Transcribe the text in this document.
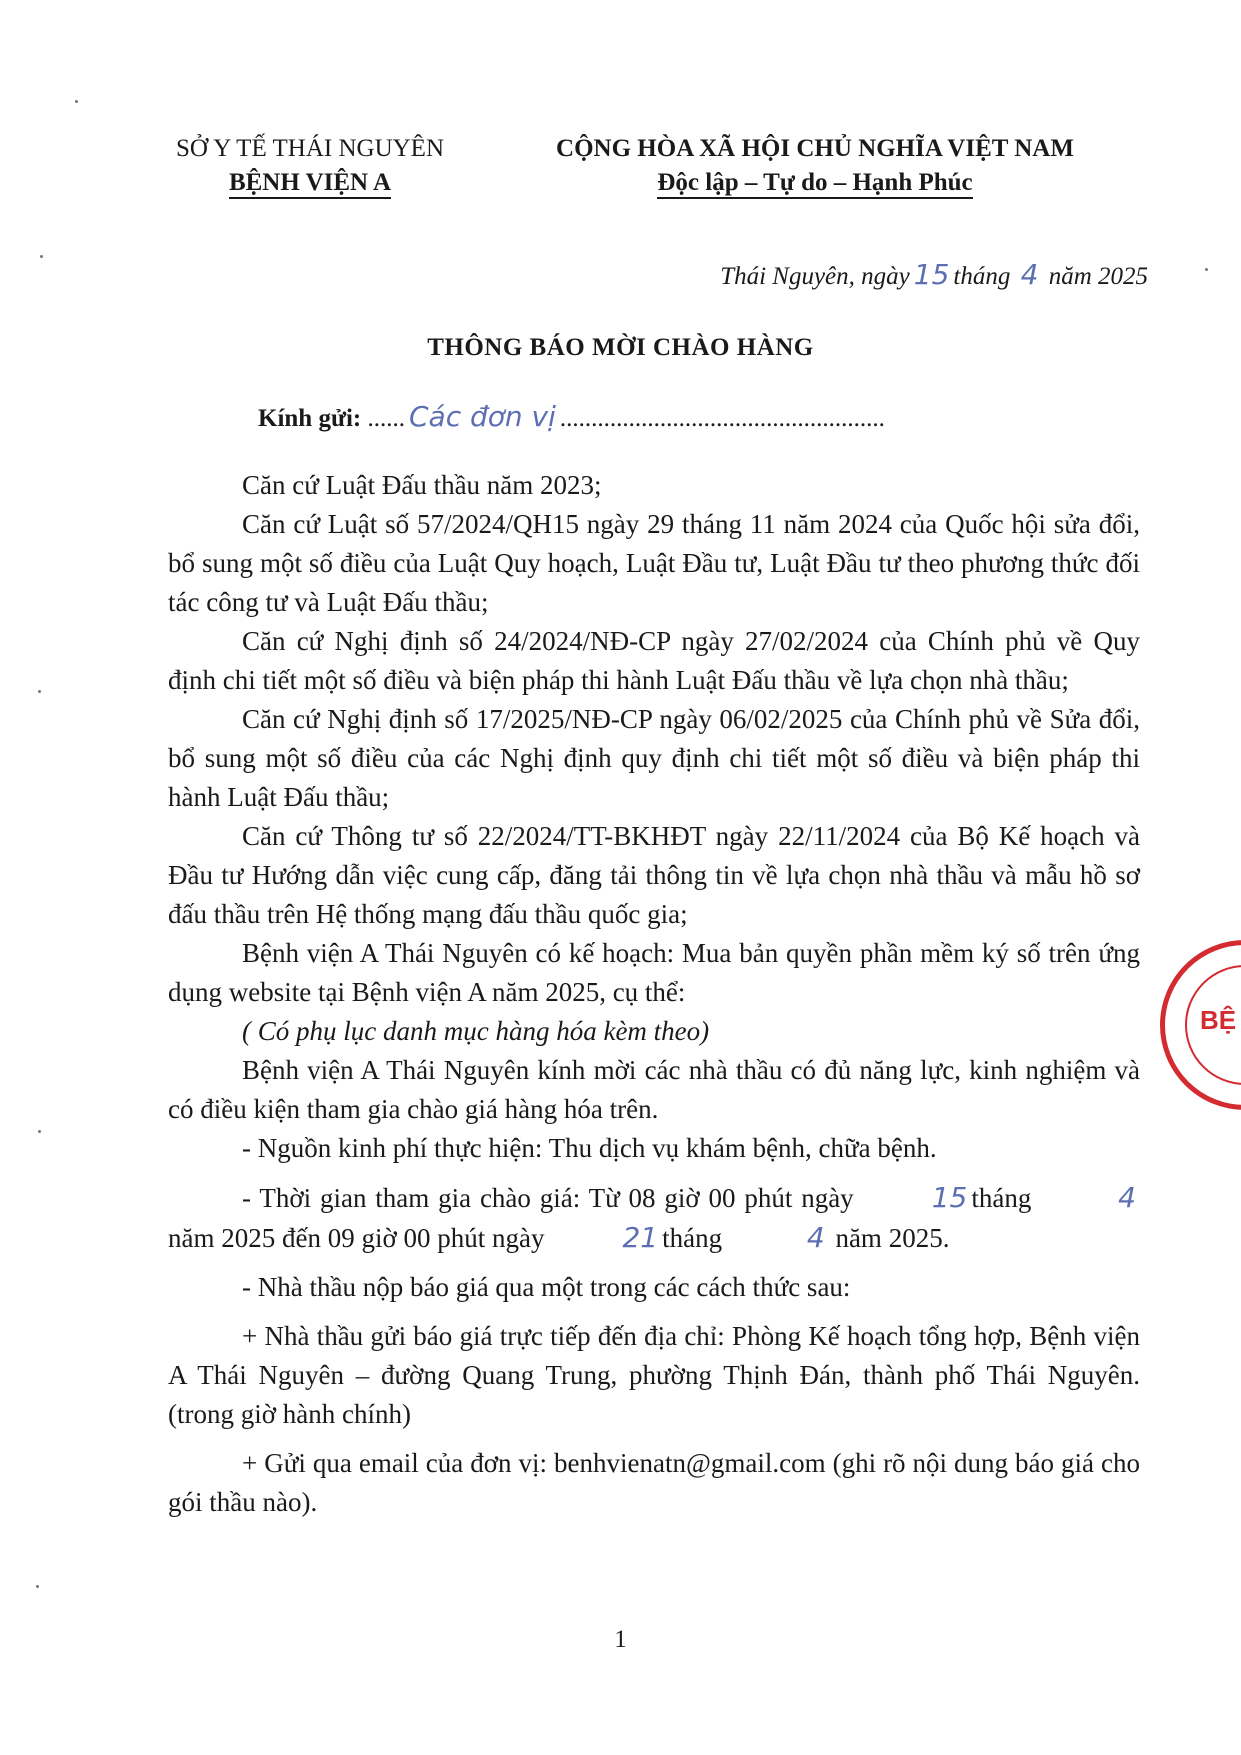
SỞ Y TẾ THÁI NGUYÊN
BỆNH VIỆN A
CỘNG HÒA XÃ HỘI CHỦ NGHĨA VIỆT NAM
Độc lập – Tự do – Hạnh Phúc
Thái Nguyên, ngày 15 tháng 4 năm 2025
THÔNG BÁO MỜI CHÀO HÀNG
Kính gửi: ...... Các đơn vị ....................................................

Căn cứ Luật Đấu thầu năm 2023;

Căn cứ Luật số 57/2024/QH15 ngày 29 tháng 11 năm 2024 của Quốc hội sửa đổi, bổ sung một số điều của Luật Quy hoạch, Luật Đầu tư, Luật Đầu tư theo phương thức đối tác công tư và Luật Đấu thầu;

Căn cứ Nghị định số 24/2024/NĐ-CP ngày 27/02/2024 của Chính phủ về Quy định chi tiết một số điều và biện pháp thi hành Luật Đấu thầu về lựa chọn nhà thầu;

Căn cứ Nghị định số 17/2025/NĐ-CP ngày 06/02/2025 của Chính phủ về Sửa đổi, bổ sung một số điều của các Nghị định quy định chi tiết một số điều và biện pháp thi hành Luật Đấu thầu;

Căn cứ Thông tư số 22/2024/TT-BKHĐT ngày 22/11/2024 của Bộ Kế hoạch và Đầu tư Hướng dẫn việc cung cấp, đăng tải thông tin về lựa chọn nhà thầu và mẫu hồ sơ đấu thầu trên Hệ thống mạng đấu thầu quốc gia;

Bệnh viện A Thái Nguyên có kế hoạch: Mua bản quyền phần mềm ký số trên ứng dụng website tại Bệnh viện A năm 2025, cụ thể:

( Có phụ lục danh mục hàng hóa kèm theo)

Bệnh viện A Thái Nguyên kính mời các nhà thầu có đủ năng lực, kinh nghiệm và có điều kiện tham gia chào giá hàng hóa trên.

- Nguồn kinh phí thực hiện: Thu dịch vụ khám bệnh, chữa bệnh.

- Thời gian tham gia chào giá: Từ 08 giờ 00 phút ngày	15 tháng	4 năm 2025 đến 09 giờ 00 phút ngày	21 tháng	4 năm 2025.

- Nhà thầu nộp báo giá qua một trong các cách thức sau:

+ Nhà thầu gửi báo giá trực tiếp đến địa chỉ: Phòng Kế hoạch tổng hợp, Bệnh viện A Thái Nguyên – đường Quang Trung, phường Thịnh Đán, thành phố Thái Nguyên. (trong giờ hành chính)

+ Gửi qua email của đơn vị: benhvienatn@gmail.com (ghi rõ nội dung báo giá cho gói thầu nào).

1
BỆ
